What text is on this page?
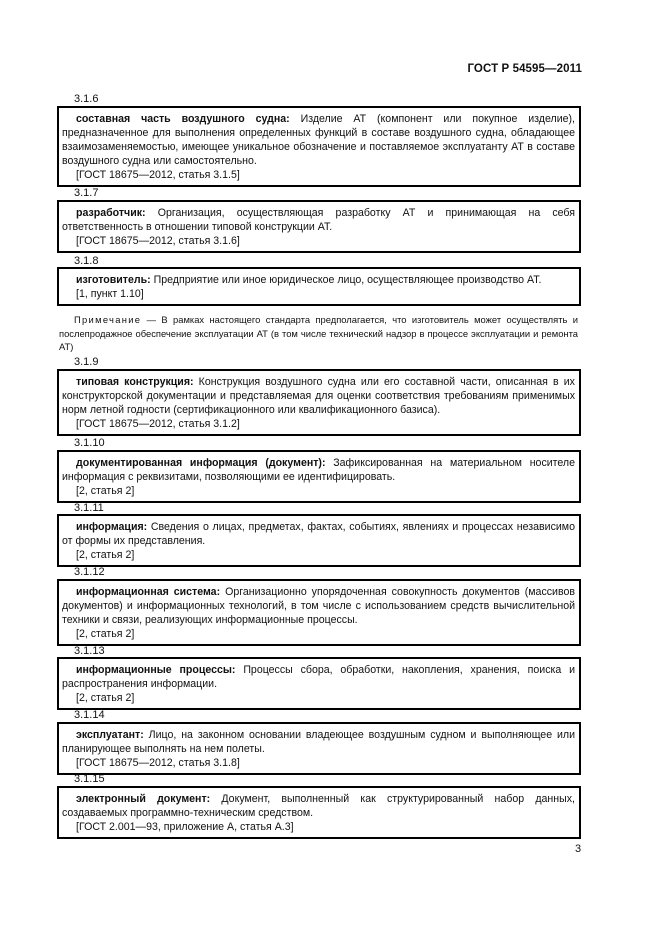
ГОСТ Р 54595—2011
3.1.6

составная часть воздушного судна: Изделие АТ (компонент или покупное изделие), предназначенное для выполнения определенных функций в составе воздушного судна, обладающее взаимозаменяемостью, имеющее уникальное обозначение и поставляемое эксплуатанту АТ в составе воздушного судна или самостоятельно.

[ГОСТ 18675—2012, статья 3.1.5]

3.1.7

разработчик: Организация, осуществляющая разработку АТ и принимающая на себя ответственность в отношении типовой конструкции АТ.

[ГОСТ 18675—2012, статья 3.1.6]

3.1.8

изготовитель: Предприятие или иное юридическое лицо, осуществляющее производство АТ.

[1, пункт 1.10]

Примечание — В рамках настоящего стандарта предполагается, что изготовитель может осуществлять и послепродажное обеспечение эксплуатации АТ (в том числе технический надзор в процессе эксплуатации и ремонта АТ)

3.1.9

типовая конструкция: Конструкция воздушного судна или его составной части, описанная в их конструкторской документации и представляемая для оценки соответствия требованиям применимых норм летной годности (сертификационного или квалификационного базиса).

[ГОСТ 18675—2012, статья 3.1.2]

3.1.10

документированная информация (документ): Зафиксированная на материальном носителе информация с реквизитами, позволяющими ее идентифицировать.

[2, статья 2]

3.1.11

информация: Сведения о лицах, предметах, фактах, событиях, явлениях и процессах независимо от формы их представления.

[2, статья 2]

3.1.12

информационная система: Организационно упорядоченная совокупность документов (массивов документов) и информационных технологий, в том числе с использованием средств вычислительной техники и связи, реализующих информационные процессы.

[2, статья 2]

3.1.13

информационные процессы: Процессы сбора, обработки, накопления, хранения, поиска и распространения информации.

[2, статья 2]

3.1.14

эксплуатант: Лицо, на законном основании владеющее воздушным судном и выполняющее или планирующее выполнять на нем полеты.

[ГОСТ 18675—2012, статья 3.1.8]

3.1.15

электронный документ: Документ, выполненный как структурированный набор данных, создаваемых программно-техническим средством.

[ГОСТ 2.001—93, приложение А, статья А.3]

3
